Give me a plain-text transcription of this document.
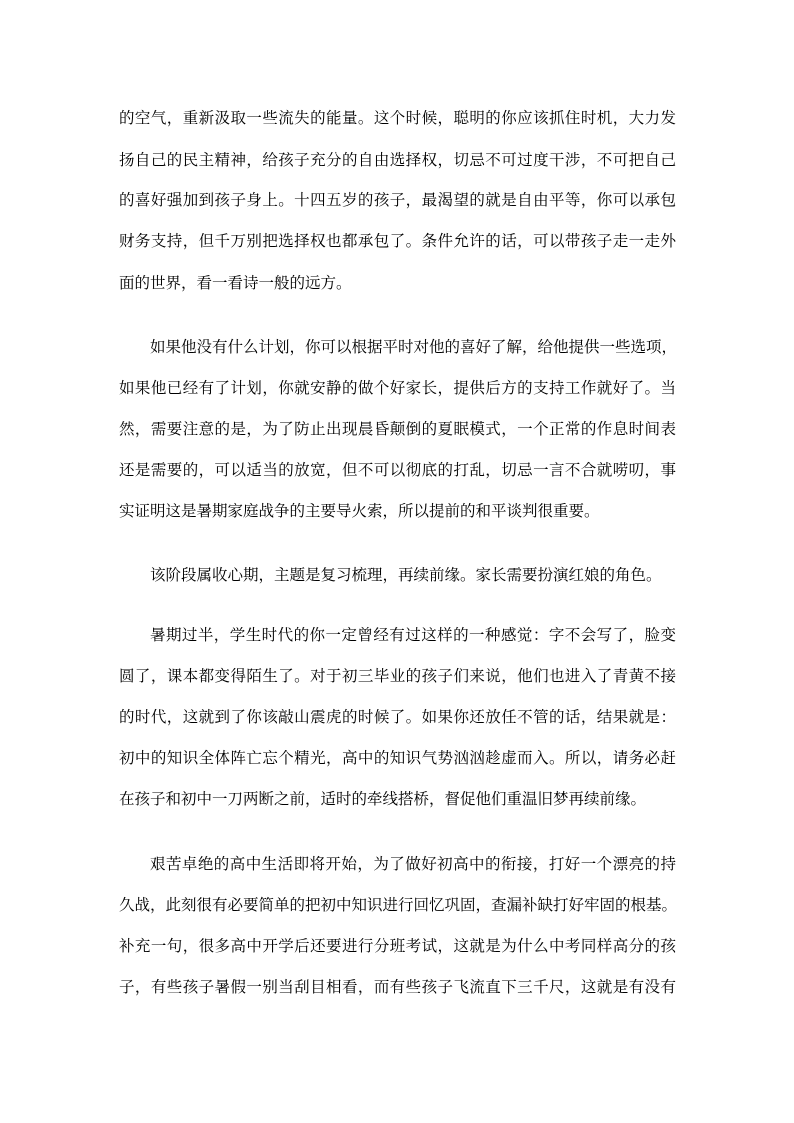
的空气，重新汲取一些流失的能量。这个时候，聪明的你应该抓住时机，大力发
扬自己的民主精神，给孩子充分的自由选择权，切忌不可过度干涉，不可把自己
的喜好强加到孩子身上。十四五岁的孩子，最渴望的就是自由平等，你可以承包
财务支持，但千万别把选择权也都承包了。条件允许的话，可以带孩子走一走外
面的世界，看一看诗一般的远方。
如果他没有什么计划，你可以根据平时对他的喜好了解，给他提供一些选项，
如果他已经有了计划，你就安静的做个好家长，提供后方的支持工作就好了。当
然，需要注意的是，为了防止出现晨昏颠倒的夏眠模式，一个正常的作息时间表
还是需要的，可以适当的放宽，但不可以彻底的打乱，切忌一言不合就唠叨，事
实证明这是暑期家庭战争的主要导火索，所以提前的和平谈判很重要。
该阶段属收心期，主题是复习梳理，再续前缘。家长需要扮演红娘的角色。
暑期过半，学生时代的你一定曾经有过这样的一种感觉：字不会写了，脸变
圆了，课本都变得陌生了。对于初三毕业的孩子们来说，他们也进入了青黄不接
的时代，这就到了你该敲山震虎的时候了。如果你还放任不管的话，结果就是：
初中的知识全体阵亡忘个精光，高中的知识气势汹汹趁虚而入。所以，请务必赶
在孩子和初中一刀两断之前，适时的牵线搭桥，督促他们重温旧梦再续前缘。
艰苦卓绝的高中生活即将开始，为了做好初高中的衔接，打好一个漂亮的持
久战，此刻很有必要简单的把初中知识进行回忆巩固，查漏补缺打好牢固的根基。
补充一句，很多高中开学后还要进行分班考试，这就是为什么中考同样高分的孩
子，有些孩子暑假一别当刮目相看，而有些孩子飞流直下三千尺，这就是有没有
